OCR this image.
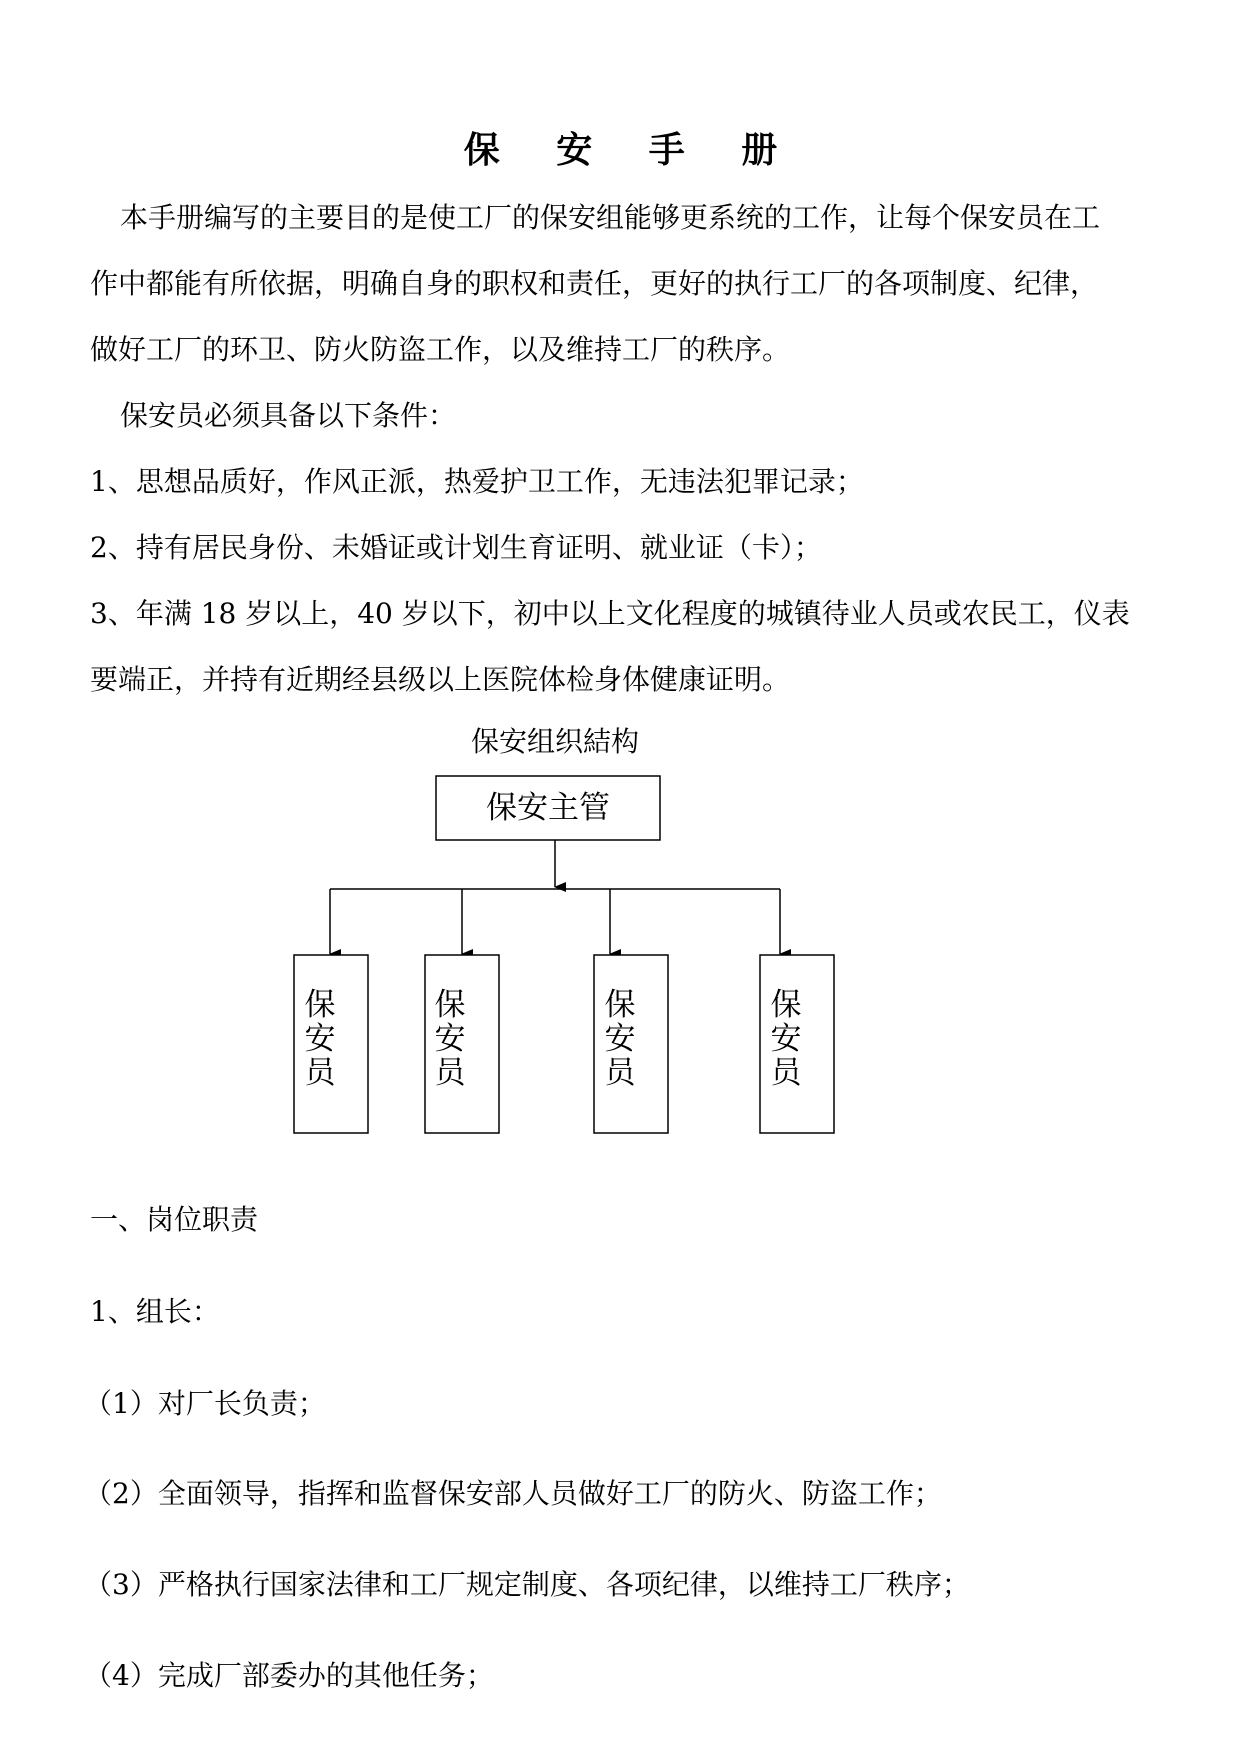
保 安 手 册
本手册编写的主要目的是使工厂的保安组能够更系统的工作，让每个保安员在工
作中都能有所依据，明确自身的职权和责任，更好的执行工厂的各项制度、纪律，
做好工厂的环卫、防火防盗工作，以及维持工厂的秩序。
保安员必须具备以下条件：
1、思想品质好，作风正派，热爱护卫工作，无违法犯罪记录；
2、持有居民身份、未婚证或计划生育证明、就业证（卡）；
3、年满 18 岁以上，40 岁以下，初中以上文化程度的城镇待业人员或农民工，仪表
要端正，并持有近期经县级以上医院体检身体健康证明。
保安组织結构
保安主管
保安员
保安员
保安员
保安员
一、岗位职责
1、组长：
（1）对厂长负责；
（2）全面领导，指挥和监督保安部人员做好工厂的防火、防盗工作；
（3）严格执行国家法律和工厂规定制度、各项纪律，以维持工厂秩序；
（4）完成厂部委办的其他任务；
